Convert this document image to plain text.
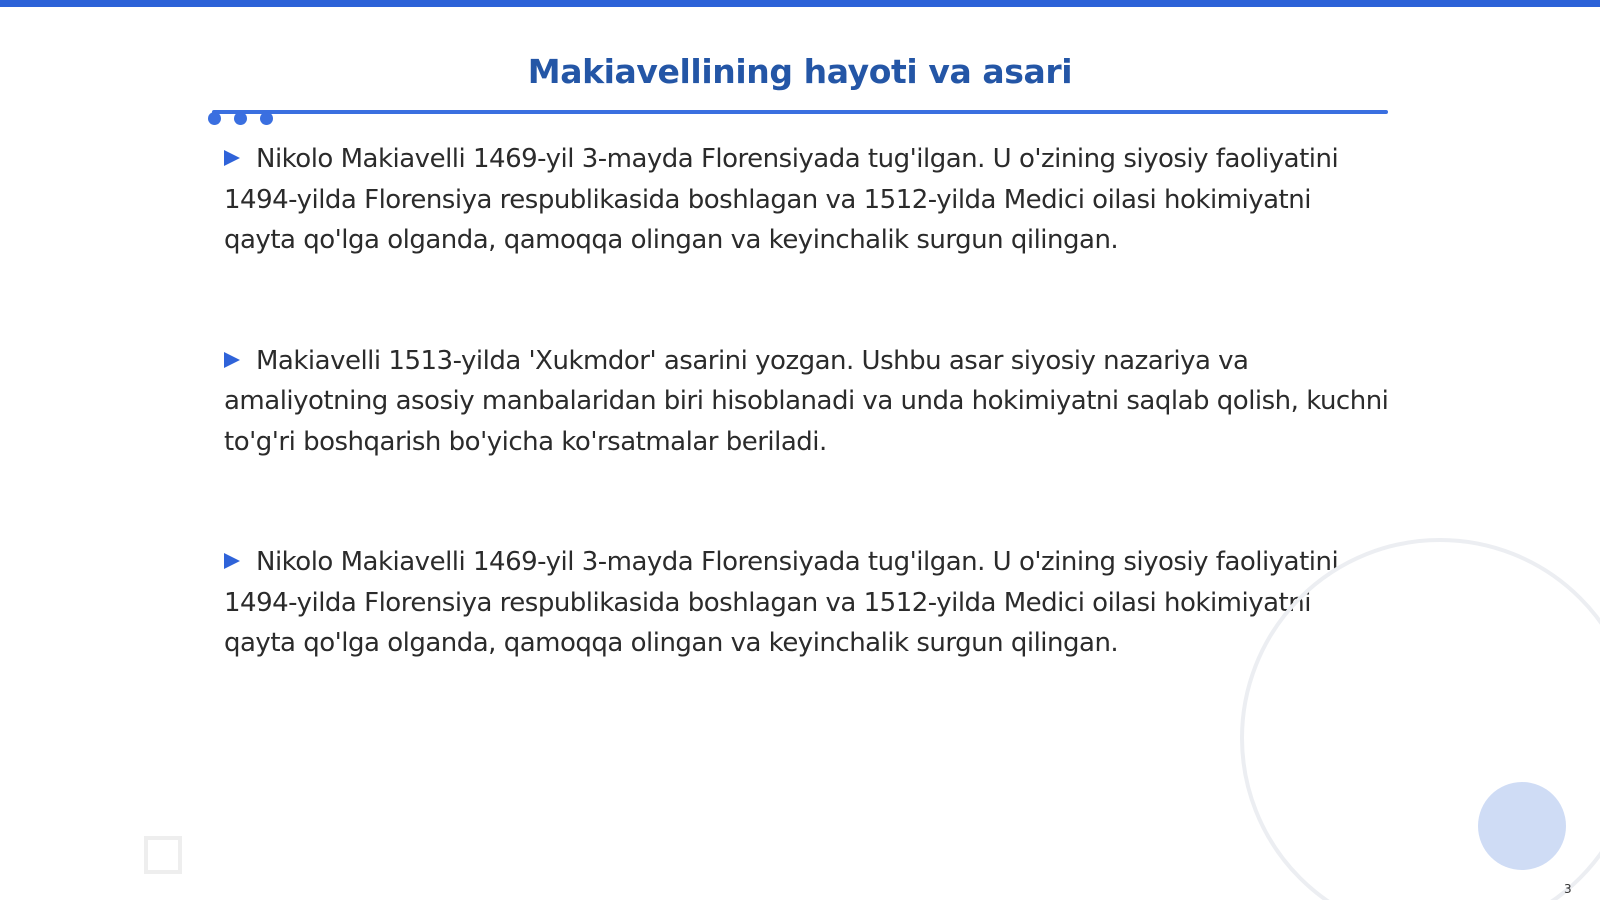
Makiavellining hayoti va asari

Nikolo Makiavelli 1469-yil 3-mayda Florensiyada tug'ilgan. U o'zining siyosiy faoliyatini 1494-yilda Florensiya respublikasida boshlagan va 1512-yilda Medici oilasi hokimiyatni qayta qo'lga olganda, qamoqqa olingan va keyinchalik surgun qilingan.

Makiavelli 1513-yilda 'Xukmdor' asarini yozgan. Ushbu asar siyosiy nazariya va amaliyotning asosiy manbalaridan biri hisoblanadi va unda hokimiyatni saqlab qolish, kuchni to'g'ri boshqarish bo'yicha ko'rsatmalar beriladi.

Nikolo Makiavelli 1469-yil 3-mayda Florensiyada tug'ilgan. U o'zining siyosiy faoliyatini 1494-yilda Florensiya respublikasida boshlagan va 1512-yilda Medici oilasi hokimiyatni qayta qo'lga olganda, qamoqqa olingan va keyinchalik surgun qilingan.

3
